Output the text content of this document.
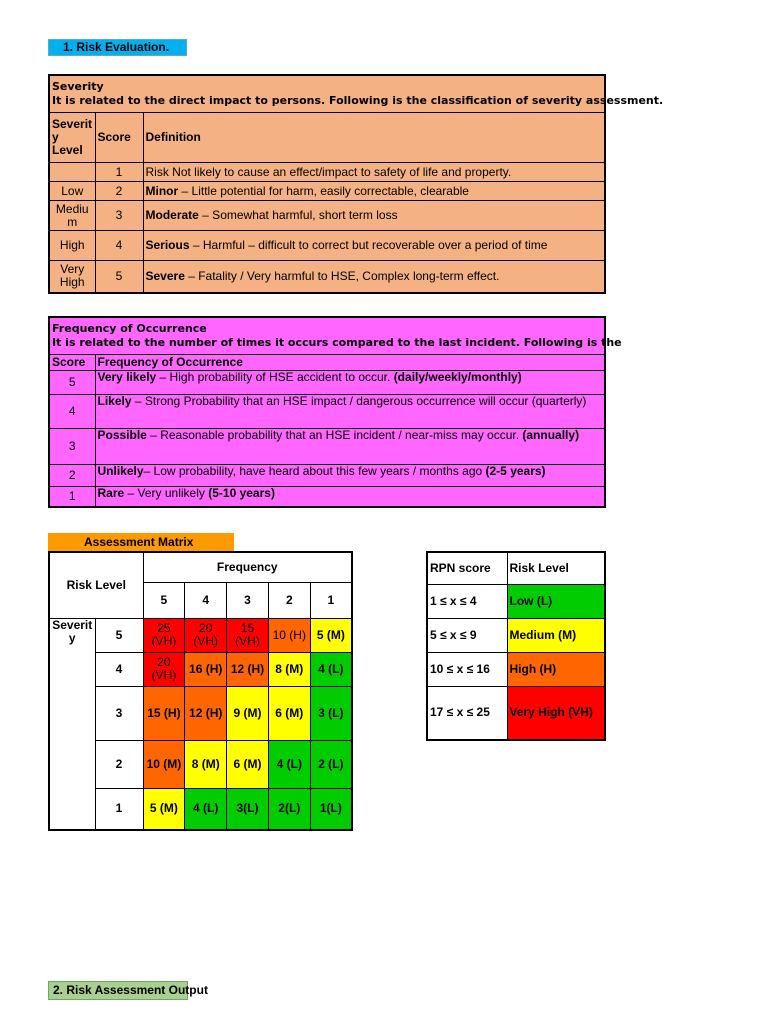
1. Risk Evaluation.
Severity
It is related to the direct impact to persons. Following is the classification of severity assessment.		

Severit y Level	Score	Definition
	1	Risk Not likely to cause an effect/impact to safety of life and property.
Low	2	Minor – Little potential for harm, easily correctable, clearable
Mediu m	3	Moderate – Somewhat harmful, short term loss
High	4	Serious – Harmful – difficult to correct but recoverable over a period of time
Very High	5	Severe – Fatality / Very harmful to HSE, Complex long-term effect.
Frequency of Occurrence
It is related to the number of times it occurs compared to the last incident. Following is the	

Score	Frequency of Occurrence
5	Very likely – High probability of HSE accident to occur. (daily/weekly/monthly)
4	Likely – Strong Probability that an HSE impact / dangerous occurrence will occur (quarterly)
3	Possible – Reasonable probability that an HSE incident / near-miss may occur. (annually)
2	Unlikely– Low probability, have heard about this few years / months ago (2-5 years)
1	Rare – Very unlikely (5-10 years)
Assessment Matrix
Risk Level		Frequency				
		5	4	3	2	1
Severit y	5	25 (VH)	20 (VH)	15 (VH)	10 (H)	5 (M)
	4	20 (VH)	16 (H)	12 (H)	8 (M)	4 (L)
	3	15 (H)	12 (H)	9 (M)	6 (M)	3 (L)
	2	10 (M)	8 (M)	6 (M)	4 (L)	2 (L)
	1	5 (M)	4 (L)	3(L)	2(L)	1(L)
RPN score	Risk Level
1 ≤ x ≤ 4	Low (L)
5 ≤ x ≤ 9	Medium (M)
10 ≤ x ≤ 16	High (H)
17 ≤ x ≤ 25	Very High (VH)
2. Risk Assessment Output
